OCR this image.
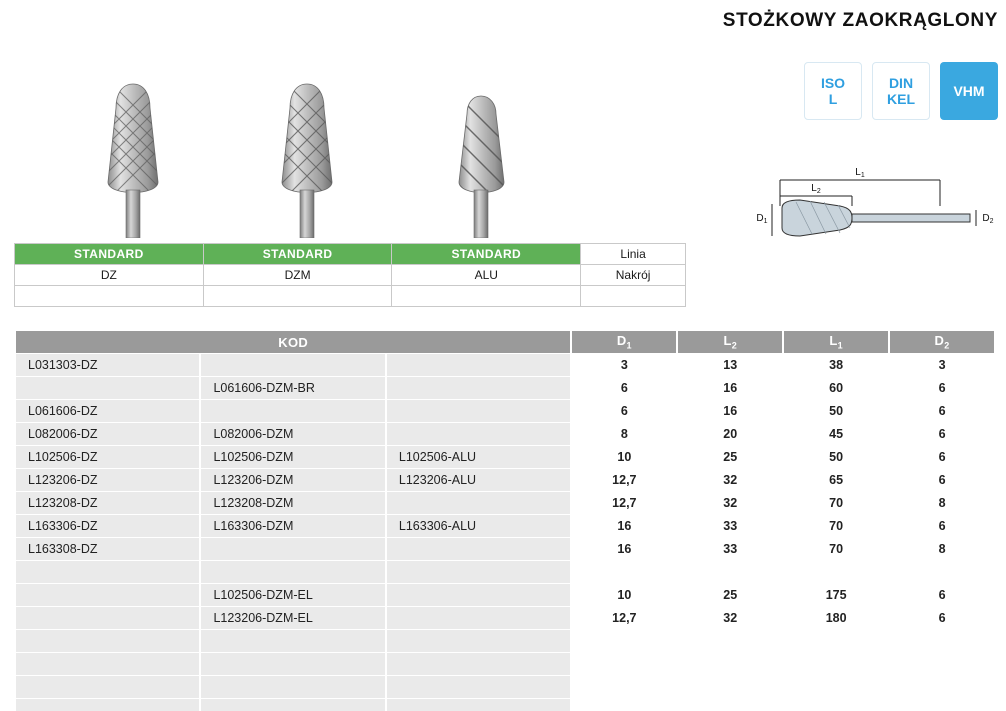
STOŻKOWY ZAOKRĄGLONY
ISO
L
DIN
KEL
VHM
$L_1$
$L_2$
$D_1$	$D_2$
STANDARD	STANDARD	STANDARD	Linia
DZ	DZM	ALU	Nakrój

KOD			$D_1$	$L_2$	$L_1$	$D_2$
L031303-DZ			3	13	38	3
	L061606-DZM-BR		6	16	60	6
L061606-DZ			6	16	50	6
L082006-DZ	L082006-DZM		8	20	45	6
L102506-DZ	L102506-DZM	L102506-ALU	10	25	50	6
L123206-DZ	L123206-DZM	L123206-ALU	12,7	32	65	6
L123208-DZ	L123208-DZM		12,7	32	70	8
L163306-DZ	L163306-DZM	L163306-ALU	16	33	70	6
L163308-DZ			16	33	70	8

	L102506-DZM-EL		10	25	175	6
	L123206-DZM-EL		12,7	32	180	6
